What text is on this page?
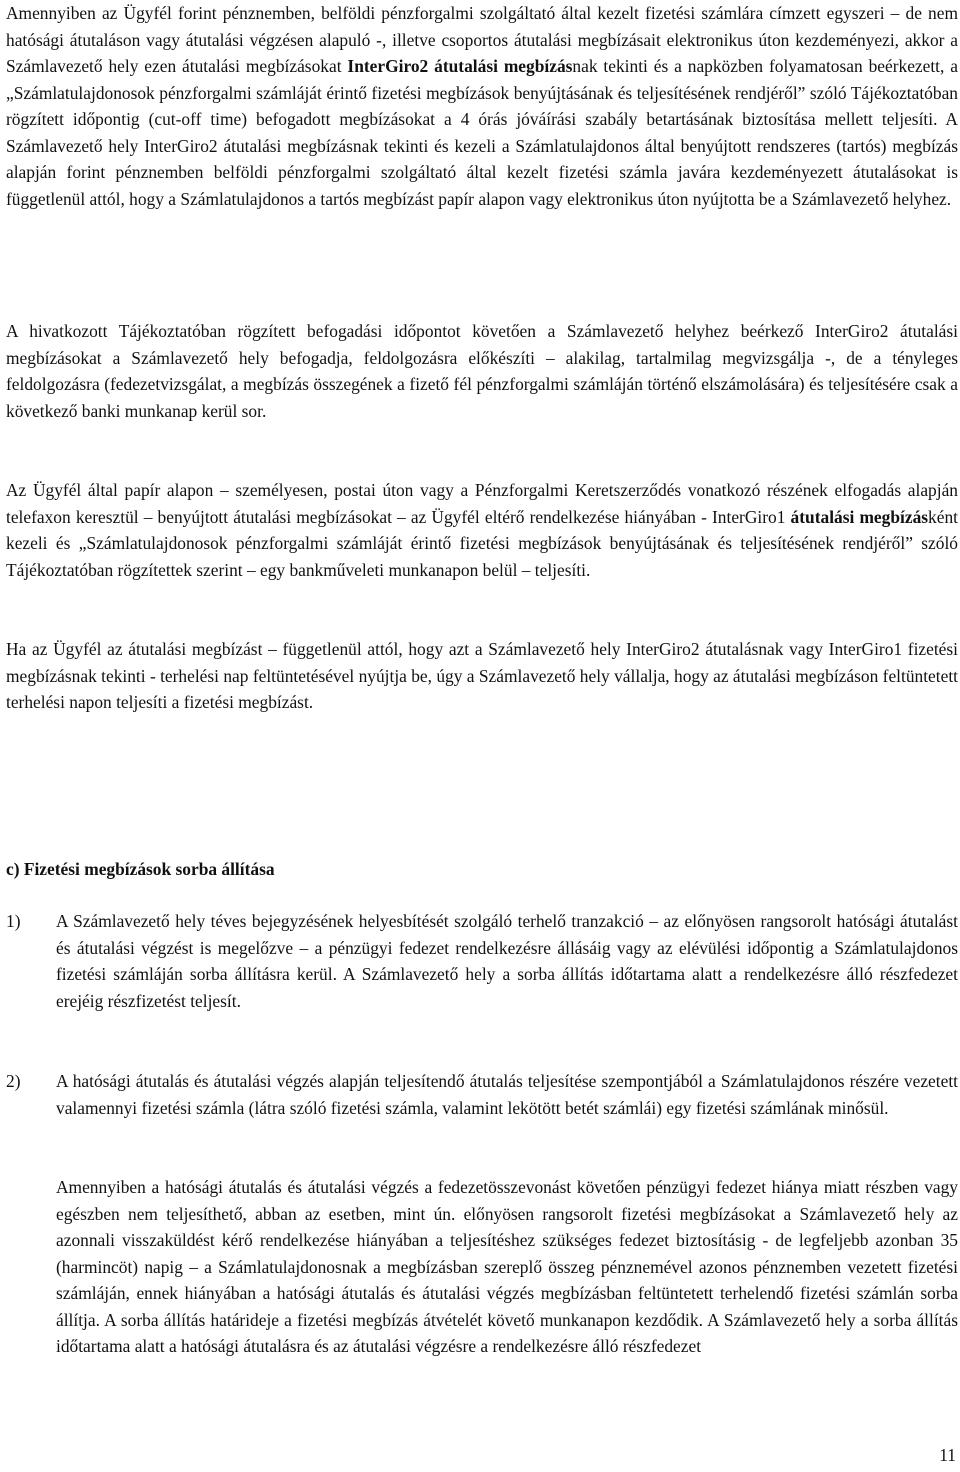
Amennyiben az Ügyfél forint pénznemben, belföldi pénzforgalmi szolgáltató által kezelt fizetési számlára címzett egyszeri – de nem hatósági átutaláson vagy átutalási végzésen alapuló -, illetve csoportos átutalási megbízásait elektronikus úton kezdeményezi, akkor a Számlavezető hely ezen átutalási megbízásokat InterGiro2 átutalási megbízásnak tekinti és a napközben folyamatosan beérkezett, a „Számlatulajdonosok pénzforgalmi számláját érintő fizetési megbízások benyújtásának és teljesítésének rendjéről” szóló Tájékoztatóban rögzített időpontig (cut-off time) befogadott megbízásokat a 4 órás jóváírási szabály betartásának biztosítása mellett teljesíti. A Számlavezető hely InterGiro2 átutalási megbízásnak tekinti és kezeli a Számlatulajdonos által benyújtott rendszeres (tartós) megbízás alapján forint pénznemben belföldi pénzforgalmi szolgáltató által kezelt fizetési számla javára kezdeményezett átutalásokat is függetlenül attól, hogy a Számlatulajdonos a tartós megbízást papír alapon vagy elektronikus úton nyújtotta be a Számlavezető helyhez.

A hivatkozott Tájékoztatóban rögzített befogadási időpontot követően a Számlavezető helyhez beérkező InterGiro2 átutalási megbízásokat a Számlavezető hely befogadja, feldolgozásra előkészíti – alakilag, tartalmilag megvizsgálja -, de a tényleges feldolgozásra (fedezetvizsgálat, a megbízás összegének a fizető fél pénzforgalmi számláján történő elszámolására) és teljesítésére csak a következő banki munkanap kerül sor.

Az Ügyfél által papír alapon – személyesen, postai úton vagy a Pénzforgalmi Keretszerződés vonatkozó részének elfogadás alapján telefaxon keresztül – benyújtott átutalási megbízásokat – az Ügyfél eltérő rendelkezése hiányában - InterGiro1 átutalási megbízásként kezeli és „Számlatulajdonosok pénzforgalmi számláját érintő fizetési megbízások benyújtásának és teljesítésének rendjéről” szóló Tájékoztatóban rögzítettek szerint – egy bankműveleti munkanapon belül – teljesíti.

Ha az Ügyfél az átutalási megbízást – függetlenül attól, hogy azt a Számlavezető hely InterGiro2 átutalásnak vagy InterGiro1 fizetési megbízásnak tekinti - terhelési nap feltüntetésével nyújtja be, úgy a Számlavezető hely vállalja, hogy az átutalási megbízáson feltüntetett terhelési napon teljesíti a fizetési megbízást.

c) Fizetési megbízások sorba állítása

1) A Számlavezető hely téves bejegyzésének helyesbítését szolgáló terhelő tranzakció – az előnyösen rangsorolt hatósági átutalást és átutalási végzést is megelőzve – a pénzügyi fedezet rendelkezésre állásáig vagy az elévülési időpontig a Számlatulajdonos fizetési számláján sorba állításra kerül. A Számlavezető hely a sorba állítás időtartama alatt a rendelkezésre álló részfedezet erejéig részfizetést teljesít.

2) A hatósági átutalás és átutalási végzés alapján teljesítendő átutalás teljesítése szempontjából a Számlatulajdonos részére vezetett valamennyi fizetési számla (látra szóló fizetési számla, valamint lekötött betét számlái) egy fizetési számlának minősül.

Amennyiben a hatósági átutalás és átutalási végzés a fedezetösszevonást követően pénzügyi fedezet hiánya miatt részben vagy egészben nem teljesíthető, abban az esetben, mint ún. előnyösen rangsorolt fizetési megbízásokat a Számlavezető hely az azonnali visszaküldést kérő rendelkezése hiányában a teljesítéshez szükséges fedezet biztosításig - de legfeljebb azonban 35 (harmincöt) napig – a Számlatulajdonosnak a megbízásban szereplő összeg pénznemével azonos pénznemben vezetett fizetési számláján, ennek hiányában a hatósági átutalás és átutalási végzés megbízásban feltüntetett terhelendő fizetési számlán sorba állítja. A sorba állítás határideje a fizetési megbízás átvételét követő munkanapon kezdődik. A Számlavezető hely a sorba állítás időtartama alatt a hatósági átutalásra és az átutalási végzésre a rendelkezésre álló részfedezet

11
